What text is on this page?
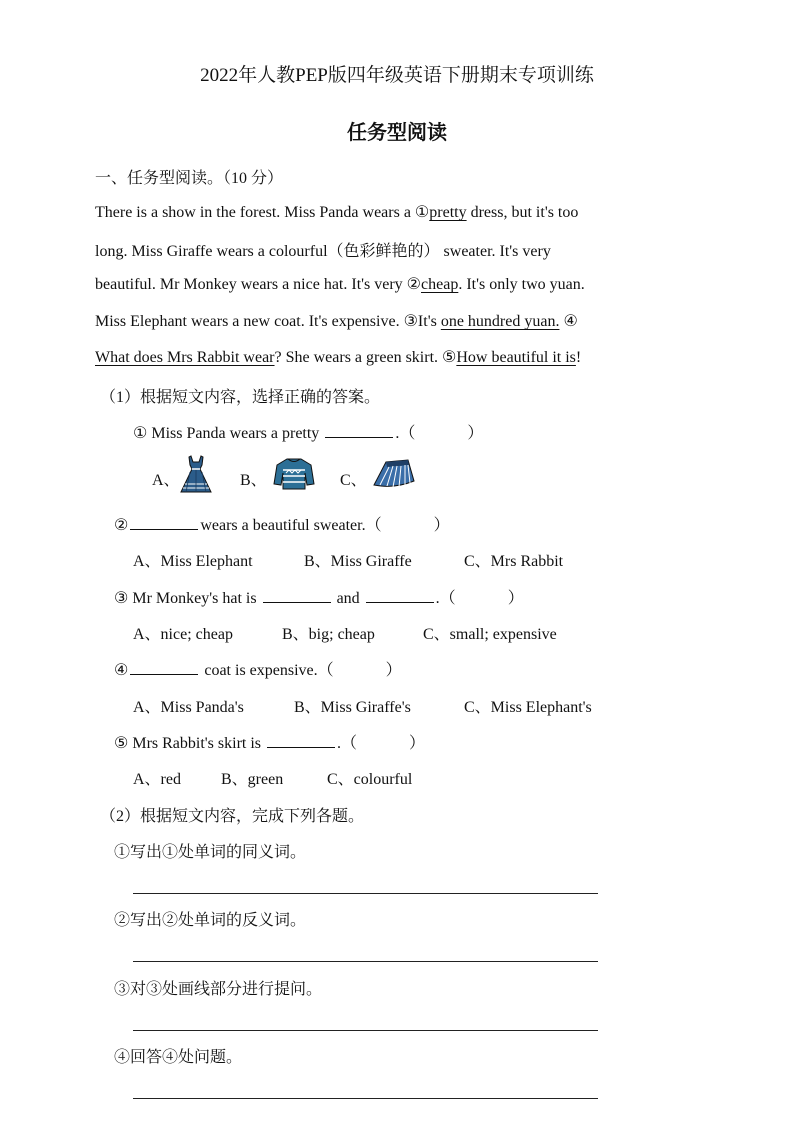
2022年人教PEP版四年级英语下册期末专项训练
任务型阅读
一、任务型阅读。（10 分）
There is a show in the forest. Miss Panda wears a ①pretty dress, but it's too
long. Miss Giraffe wears a colourful（色彩鲜艳的） sweater. It's very
beautiful. Mr Monkey wears a nice hat. It's very ②cheap. It's only two yuan.
Miss Elephant wears a new coat. It's expensive. ③It's one hundred yuan. ④
What does Mrs Rabbit wear? She wears a green skirt. ⑤How beautiful it is!
（1）根据短文内容，选择正确的答案。
① Miss Panda wears a pretty	.（	）
A、	B、	C、
②	wears a beautiful sweater.（	）
A、Miss Elephant	B、Miss Giraffe	C、Mrs Rabbit
③ Mr Monkey's hat is	and	.（	）
A、nice; cheap	B、big; cheap	C、small; expensive
④	coat is expensive.（	）
A、Miss Panda's	B、Miss Giraffe's	C、Miss Elephant's
⑤ Mrs Rabbit's skirt is	.（	）
A、red	B、green	C、colourful
（2）根据短文内容，完成下列各题。
①写出①处单词的同义词。
②写出②处单词的反义词。
③对③处画线部分进行提问。
④回答④处问题。
